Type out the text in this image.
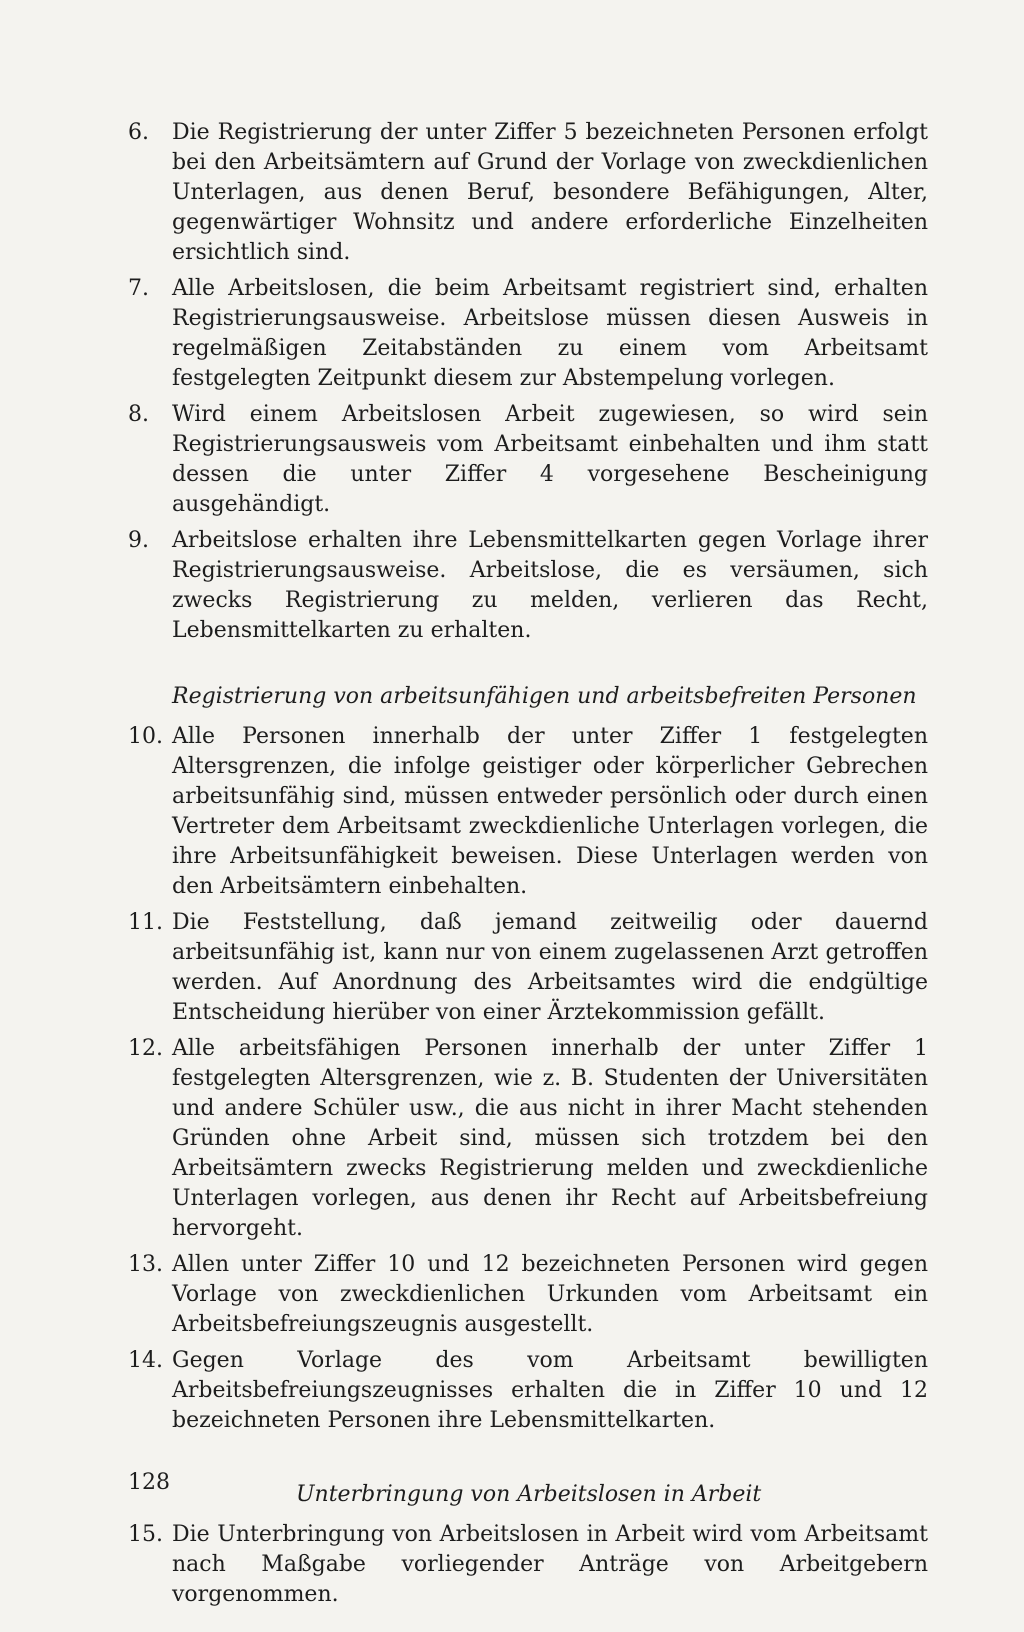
6.	Die Registrierung der unter Ziffer 5 bezeichneten Personen erfolgt bei den Arbeitsämtern auf Grund der Vorlage von zweckdienlichen Unterlagen, aus denen Beruf, besondere Befähigungen, Alter, gegenwärtiger Wohnsitz und andere erforderliche Einzelheiten ersichtlich sind.
7.	Alle Arbeitslosen, die beim Arbeitsamt registriert sind, erhalten Registrierungsausweise. Arbeitslose müssen diesen Ausweis in regelmäßigen Zeitabständen zu einem vom Arbeitsamt festgelegten Zeitpunkt diesem zur Abstempelung vorlegen.
8.	Wird einem Arbeitslosen Arbeit zugewiesen, so wird sein Registrierungsausweis vom Arbeitsamt einbehalten und ihm statt dessen die unter Ziffer 4 vorgesehene Bescheinigung ausgehändigt.
9.	Arbeitslose erhalten ihre Lebensmittelkarten gegen Vorlage ihrer Registrierungsausweise. Arbeitslose, die es versäumen, sich zwecks Registrierung zu melden, verlieren das Recht, Lebensmittelkarten zu erhalten.

Registrierung von arbeitsunfähigen und arbeitsbefreiten Personen

10. Alle Personen innerhalb der unter Ziffer 1 festgelegten Altersgrenzen, die infolge geistiger oder körperlicher Gebrechen arbeitsunfähig sind, müssen entweder persönlich oder durch einen Vertreter dem Arbeitsamt zweckdienliche Unterlagen vorlegen, die ihre Arbeitsunfähigkeit beweisen. Diese Unterlagen werden von den Arbeitsämtern einbehalten.
11. Die Feststellung, daß jemand zeitweilig oder dauernd arbeitsunfähig ist, kann nur von einem zugelassenen Arzt getroffen werden. Auf Anordnung des Arbeitsamtes wird die endgültige Entscheidung hierüber von einer Ärztekommission gefällt.
12. Alle arbeitsfähigen Personen innerhalb der unter Ziffer 1 festgelegten Altersgrenzen, wie z. B. Studenten der Universitäten und andere Schüler usw., die aus nicht in ihrer Macht stehenden Gründen ohne Arbeit sind, müssen sich trotzdem bei den Arbeitsämtern zwecks Registrierung melden und zweckdienliche Unterlagen vorlegen, aus denen ihr Recht auf Arbeitsbefreiung hervorgeht.
13. Allen unter Ziffer 10 und 12 bezeichneten Personen wird gegen Vorlage von zweckdienlichen Urkunden vom Arbeitsamt ein Arbeitsbefreiungszeugnis ausgestellt.
14. Gegen Vorlage des vom Arbeitsamt bewilligten Arbeitsbefreiungszeugnisses erhalten die in Ziffer 10 und 12 bezeichneten Personen ihre Lebensmittelkarten.

Unterbringung von Arbeitslosen in Arbeit

15. Die Unterbringung von Arbeitslosen in Arbeit wird vom Arbeitsamt nach Maßgabe vorliegender Anträge von Arbeitgebern vorgenommen.
128
